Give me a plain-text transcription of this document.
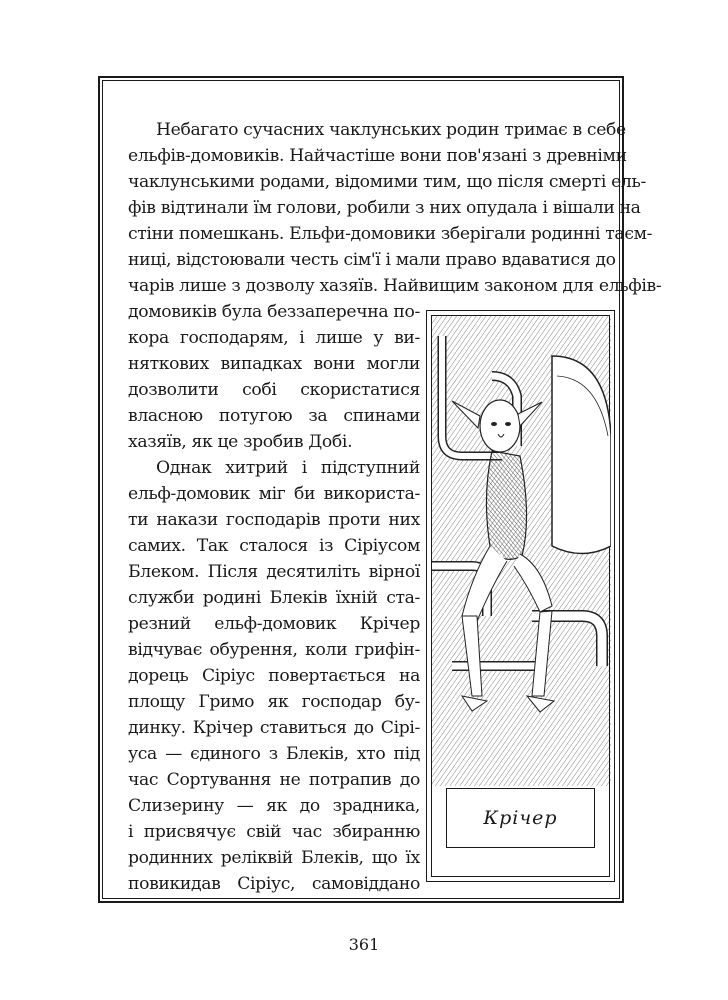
Небагато сучасних чаклунських родин тримає в себе
ельфів-домовиків. Найчастіше вони пов'язані з древніми
чаклунськими родами, відомими тим, що після смерті ель-
фів відтинали їм голови, робили з них опудала і вішали на
стіни помешкань. Ельфи-домовики зберігали родинні таєм-
ниці, відстоювали честь сім'ї і мали право вдаватися до
чарів лише з дозволу хазяїв. Найвищим законом для ельфів-
домовиків була беззаперечна по-
кора господарям, і лише у ви-
няткових випадках вони могли
дозволити собі скористатися
власною потугою за спинами
хазяїв, як це зробив Добі.
Однак хитрий і підступний
ельф-домовик міг би використа-
ти накази господарів проти них
самих. Так сталося із Сіріусом
Блеком. Після десятиліть вірної
служби родині Блеків їхній ста-
резний ельф-домовик Крічер
відчуває обурення, коли грифін-
дорець Сіріус повертається на
площу Гримо як господар бу-
динку. Крічер ставиться до Сірі-
уса — єдиного з Блеків, хто під
час Сортування не потрапив до
Слизерину — як до зрадника,
і присвячує свій час збиранню
родинних реліквій Блеків, що їх
повикидав Сіріус, самовіддано
Крічер
361
